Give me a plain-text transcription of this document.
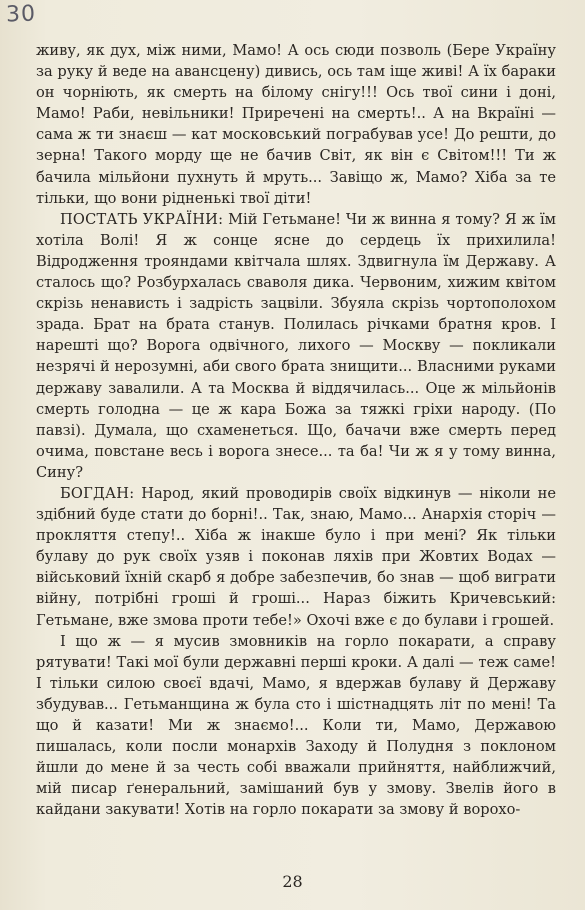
30

живу, як дух, між ними, Мамо! А ось сюди позволь (Бере Україну за руку й веде на авансцену) дивись, ось там іще живі! А їх бараки он чорніють, як смерть на білому снігу!!! Ось твої сини і доні, Мамо! Раби, невільники! Приречені на смерть!.. А на Вкраїні — сама ж ти знаєш — кат московський пограбував усе! До решти, до зерна! Такого морду ще не бачив Світ, як він є Світом!!! Ти ж бачила мільйони пухнуть й мруть... Завіщо ж, Мамо? Хіба за те тільки, що вони рідненькі твої діти!

ПОСТАТЬ УКРАЇНИ: Мій Гетьмане! Чи ж винна я тому? Я ж їм хотіла Волі! Я ж сонце ясне до сердець їх прихилила! Відродження трояндами квітчала шлях. Здвигнула їм Державу. А сталось що? Розбурхалась сваволя дика. Червоним, хижим квітом скрізь ненависть і задрість зацвіли. Збуяла скрізь чортополохом зрада. Брат на брата станув. Полилась річками братня кров. І нарешті що? Ворога одвічного, лихого — Москву — покликали незрячі й нерозумні, аби свого брата знищити... Власними руками державу завалили. А та Москва й віддячилась... Оце ж мільйонів смерть голодна — це ж кара Божа за тяжкі гріхи народу. (По павзі). Думала, що схаменеться. Що, бачачи вже смерть перед очима, повстане весь і ворога знесе... та ба! Чи ж я у тому винна, Сину?

БОГДАН: Народ, який проводирів своїх відкинув — ніколи не здібний буде стати до борні!.. Так, знаю, Мамо... Анархія сторіч — прокляття степу!.. Хіба ж інакше було і при мені? Як тільки булаву до рук своїх узяв і поконав ляхів при Жовтих Водах — військовий їхній скарб я добре забезпечив, бо знав — щоб виграти війну, потрібні гроші й гроші... Нараз біжить Кричевський: Гетьмане, вже змова проти тебе!» Охочі вже є до булави і грошей.

І що ж — я мусив змовників на горло покарати, а справу рятувати! Такі мої були державні перші кроки. А далі — теж саме! І тільки силою своєї вдачі, Мамо, я вдержав булаву й Державу збудував... Гетьманщина ж була сто і шістнадцять літ по мені! Та що й казати! Ми ж знаємо!... Коли ти, Мамо, Державою пишалась, коли посли монархів Заходу й Полудня з поклоном йшли до мене й за честь собі вважали прийняття, найближчий, мій писар ґенеральний, замішаний був у змову. Звелів його в кайдани закувати! Хотів на горло покарати за змову й ворохо-

28
